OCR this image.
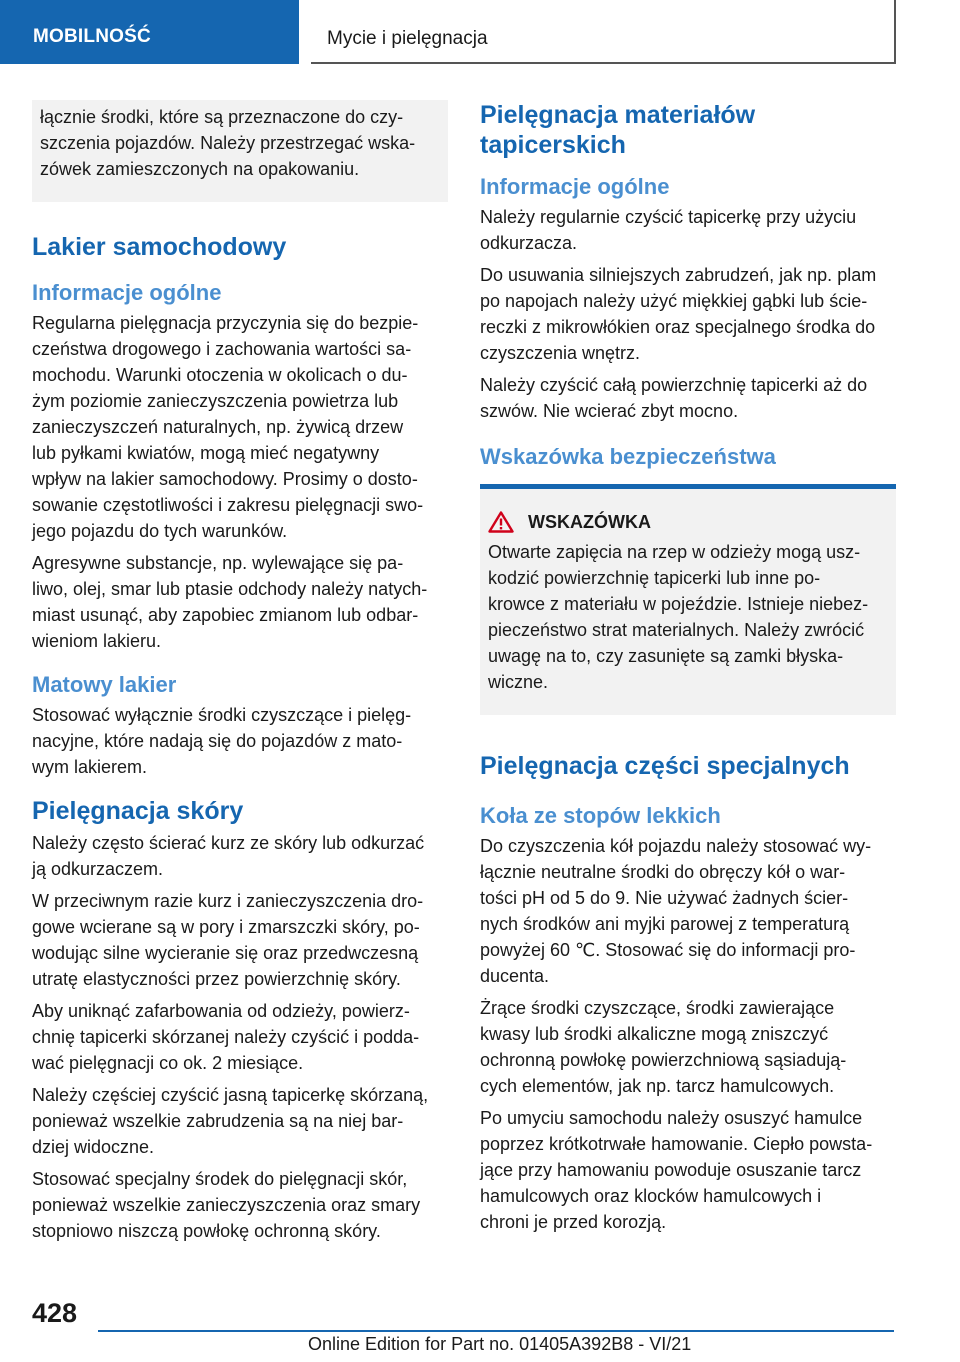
MOBILNOŚĆ	Mycie i pielęgnacja

łącznie środki, które są przeznaczone do czy-
szczenia pojazdów. Należy przestrzegać wska-
zówek zamieszczonych na opakowaniu.

Lakier samochodowy
Informacje ogólne

Regularna pielęgnacja przyczynia się do bezpie-
czeństwa drogowego i zachowania wartości sa-
mochodu. Warunki otoczenia w okolicach o du-
żym poziomie zanieczyszczenia powietrza lub
zanieczyszczeń naturalnych, np. żywicą drzew
lub pyłkami kwiatów, mogą mieć negatywny
wpływ na lakier samochodowy. Prosimy o dosto-
sowanie częstotliwości i zakresu pielęgnacji swo-
jego pojazdu do tych warunków.

Agresywne substancje, np. wylewające się pa-
liwo, olej, smar lub ptasie odchody należy natych-
miast usunąć, aby zapobiec zmianom lub odbar-
wieniom lakieru.

Matowy lakier

Stosować wyłącznie środki czyszczące i pielęg-
nacyjne, które nadają się do pojazdów z mato-
wym lakierem.

Pielęgnacja skóry

Należy często ścierać kurz ze skóry lub odkurzać
ją odkurzaczem.

W przeciwnym razie kurz i zanieczyszczenia dro-
gowe wcierane są w pory i zmarszczki skóry, po-
wodując silne wycieranie się oraz przedwczesną
utratę elastyczności przez powierzchnię skóry.

Aby uniknąć zafarbowania od odzieży, powierz-
chnię tapicerki skórzanej należy czyścić i podda-
wać pielęgnacji co ok. 2 miesiące.

Należy częściej czyścić jasną tapicerkę skórzaną,
ponieważ wszelkie zabrudzenia są na niej bar-
dziej widoczne.

Stosować specjalny środek do pielęgnacji skór,
ponieważ wszelkie zanieczyszczenia oraz smary
stopniowo niszczą powłokę ochronną skóry.

Pielęgnacja materiałów
tapicerskich
Informacje ogólne

Należy regularnie czyścić tapicerkę przy użyciu
odkurzacza.

Do usuwania silniejszych zabrudzeń, jak np. plam
po napojach należy użyć miękkiej gąbki lub ście-
reczki z mikrowłókien oraz specjalnego środka do
czyszczenia wnętrz.

Należy czyścić całą powierzchnię tapicerki aż do
szwów. Nie wcierać zbyt mocno.

Wskazówka bezpieczeństwa
WSKAZÓWKA

Otwarte zapięcia na rzep w odzieży mogą usz-
kodzić powierzchnię tapicerki lub inne po-
krowce z materiału w pojeździe. Istnieje niebez-
pieczeństwo strat materialnych. Należy zwrócić
uwagę na to, czy zasunięte są zamki błyska-
wiczne.

Pielęgnacja części specjalnych
Koła ze stopów lekkich

Do czyszczenia kół pojazdu należy stosować wy-
łącznie neutralne środki do obręczy kół o war-
tości pH od 5 do 9. Nie używać żadnych ścier-
nych środków ani myjki parowej z temperaturą
powyżej 60 ℃. Stosować się do informacji pro-
ducenta.

Żrące środki czyszczące, środki zawierające
kwasy lub środki alkaliczne mogą zniszczyć
ochronną powłokę powierzchniową sąsiadują-
cych elementów, jak np. tarcz hamulcowych.

Po umyciu samochodu należy osuszyć hamulce
poprzez krótkotrwałe hamowanie. Ciepło powsta-
jące przy hamowaniu powoduje osuszanie tarcz
hamulcowych oraz klocków hamulcowych i
chroni je przed korozją.

428
Online Edition for Part no. 01405A392B8 - VI/21
